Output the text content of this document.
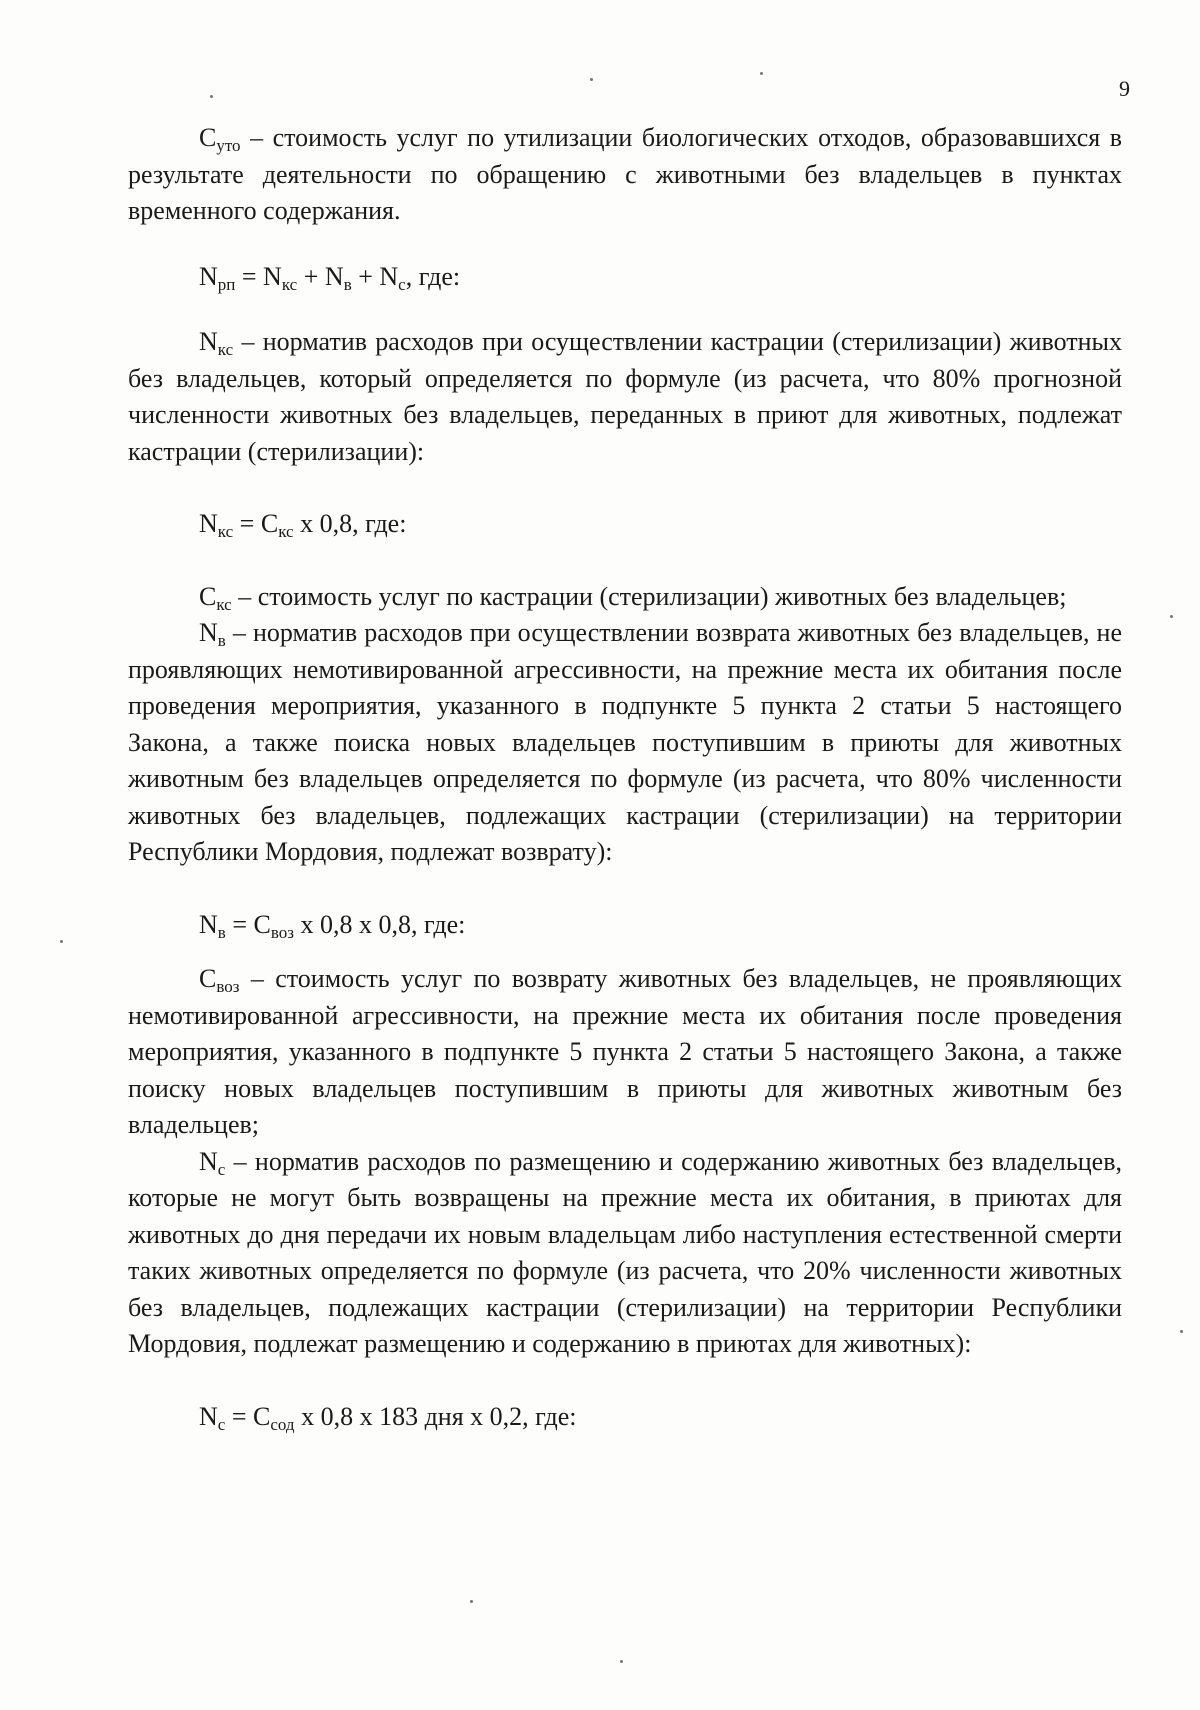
9

$С_{уто}$ – стоимость услуг по утилизации биологических отходов, образовавшихся в результате деятельности по обращению с животными без владельцев в пунктах временного содержания.

$N_{рп} = N_{кс} + N_в + N_с$, где:

$N_{кс}$ – норматив расходов при осуществлении кастрации (стерилизации) животных без владельцев, который определяется по формуле (из расчета, что 80% прогнозной численности животных без владельцев, переданных в приют для животных, подлежат кастрации (стерилизации):

$N_{кс} = С_{кс}$ х 0,8, где:

$С_{кс}$ – стоимость услуг по кастрации (стерилизации) животных без владельцев;

$N_в$ – норматив расходов при осуществлении возврата животных без владельцев, не проявляющих немотивированной агрессивности, на прежние места их обитания после проведения мероприятия, указанного в подпункте 5 пункта 2 статьи 5 настоящего Закона, а также поиска новых владельцев поступившим в приюты для животных животным без владельцев определяется по формуле (из расчета, что 80% численности животных без владельцев, подлежащих кастрации (стерилизации) на территории Республики Мордовия, подлежат возврату):

$N_в = С_{воз}$ х 0,8 х 0,8, где:

$С_{воз}$ – стоимость услуг по возврату животных без владельцев, не проявляющих немотивированной агрессивности, на прежние места их обитания после проведения мероприятия, указанного в подпункте 5 пункта 2 статьи 5 настоящего Закона, а также поиску новых владельцев поступившим в приюты для животных животным без владельцев;

$N_с$ – норматив расходов по размещению и содержанию животных без владельцев, которые не могут быть возвращены на прежние места их обитания, в приютах для животных до дня передачи их новым владельцам либо наступления естественной смерти таких животных определяется по формуле (из расчета, что 20% численности животных без владельцев, подлежащих кастрации (стерилизации) на территории Республики Мордовия, подлежат размещению и содержанию в приютах для животных):

$N_с = С_{сод}$ х 0,8 х 183 дня х 0,2, где:
